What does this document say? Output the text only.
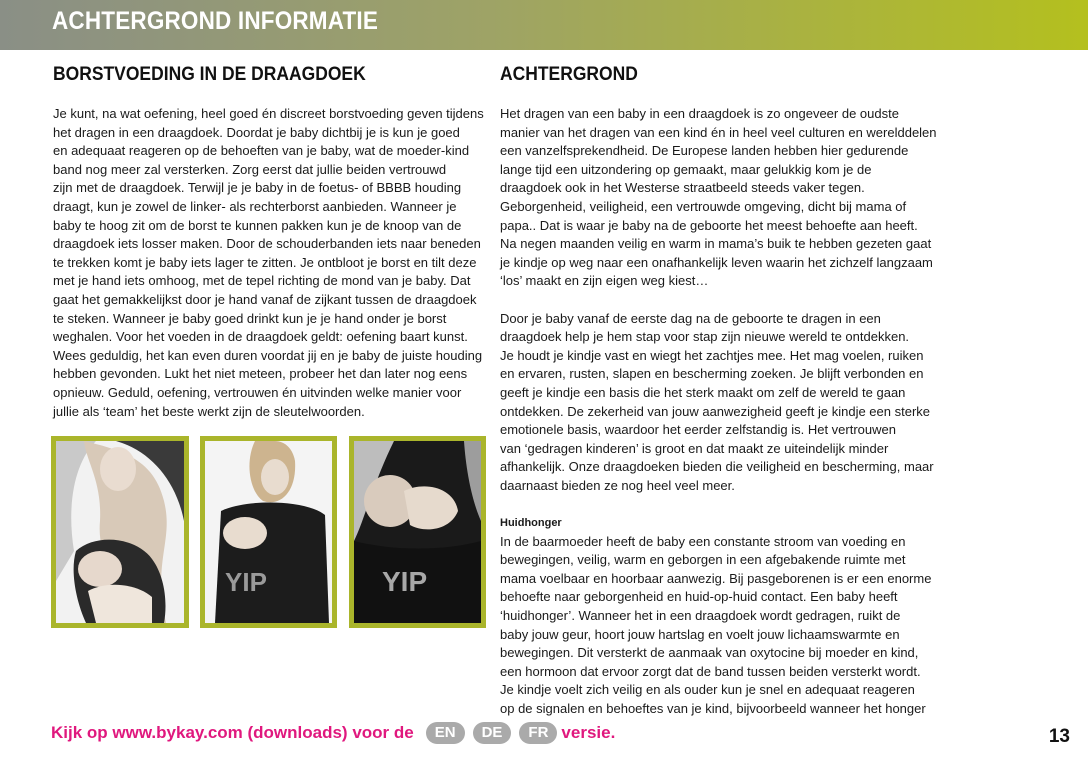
ACHTERGROND INFORMATIE
BORSTVOEDING IN DE DRAAGDOEK

Je kunt, na wat oefening, heel goed én discreet borstvoeding geven tijdens

het dragen in een draagdoek. Doordat je baby dichtbij je is kun je goed

en adequaat reageren op de behoeften van je baby, wat de moeder-kind

band nog meer zal versterken. Zorg eerst dat jullie beiden vertrouwd

zijn met de draagdoek. Terwijl je je baby in de foetus- of BBBB houding

draagt, kun je zowel de linker- als rechterborst aanbieden. Wanneer je

baby te hoog zit om de borst te kunnen pakken kun je de knoop van de

draagdoek iets losser maken. Door de schouderbanden iets naar beneden

te trekken komt je baby iets lager te zitten. Je ontbloot je borst en tilt deze

met je hand iets omhoog, met de tepel richting de mond van je baby. Dat

gaat het gemakkelijkst door je hand vanaf de zijkant tussen de draagdoek

te steken. Wanneer je baby goed drinkt kun je je hand onder je borst

weghalen. Voor het voeden in de draagdoek geldt: oefening baart kunst.

Wees geduldig, het kan even duren voordat jij en je baby de juiste houding

hebben gevonden. Lukt het niet meteen, probeer het dan later nog eens

opnieuw. Geduld, oefening, vertrouwen én uitvinden welke manier voor

jullie als ‘team’ het beste werkt zijn de sleutelwoorden.

YIP	YIP
ACHTERGROND

Het dragen van een baby in een draagdoek is zo ongeveer de oudste

manier van het dragen van een kind én in heel veel culturen en werelddelen

een vanzelfsprekendheid. De Europese landen hebben hier gedurende

lange tijd een uitzondering op gemaakt, maar gelukkig kom je de

draagdoek ook in het Westerse straatbeeld steeds vaker tegen.

Geborgenheid, veiligheid, een vertrouwde omgeving, dicht bij mama of

papa.. Dat is waar je baby na de geboorte het meest behoefte aan heeft.

Na negen maanden veilig en warm in mama’s buik te hebben gezeten gaat

je kindje op weg naar een onafhankelijk leven waarin het zichzelf langzaam

‘los’ maakt en zijn eigen weg kiest…

Door je baby vanaf de eerste dag na de geboorte te dragen in een

draagdoek help je hem stap voor stap zijn nieuwe wereld te ontdekken.

Je houdt je kindje vast en wiegt het zachtjes mee. Het mag voelen, ruiken

en ervaren, rusten, slapen en bescherming zoeken. Je blijft verbonden en

geeft je kindje een basis die het sterk maakt om zelf de wereld te gaan

ontdekken. De zekerheid van jouw aanwezigheid geeft je kindje een sterke

emotionele basis, waardoor het eerder zelfstandig is. Het vertrouwen

van ‘gedragen kinderen’ is groot en dat maakt ze uiteindelijk minder

afhankelijk. Onze draagdoeken bieden die veiligheid en bescherming, maar

daarnaast bieden ze nog heel veel meer.

Huidhonger

In de baarmoeder heeft de baby een constante stroom van voeding en

bewegingen, veilig, warm en geborgen in een afgebakende ruimte met

mama voelbaar en hoorbaar aanwezig. Bij pasgeborenen is er een enorme

behoefte naar geborgenheid en huid-op-huid contact. Een baby heeft

‘huidhonger’. Wanneer het in een draagdoek wordt gedragen, ruikt de

baby jouw geur, hoort jouw hartslag en voelt jouw lichaamswarmte en

bewegingen. Dit versterkt de aanmaak van oxytocine bij moeder en kind,

een hormoon dat ervoor zorgt dat de band tussen beiden versterkt wordt.

Je kindje voelt zich veilig en als ouder kun je snel en adequaat reageren

op de signalen en behoeftes van je kind, bijvoorbeeld wanneer het honger

Kijk op www.bykay.com (downloads) voor de	EN	DE	FR versie.	13
